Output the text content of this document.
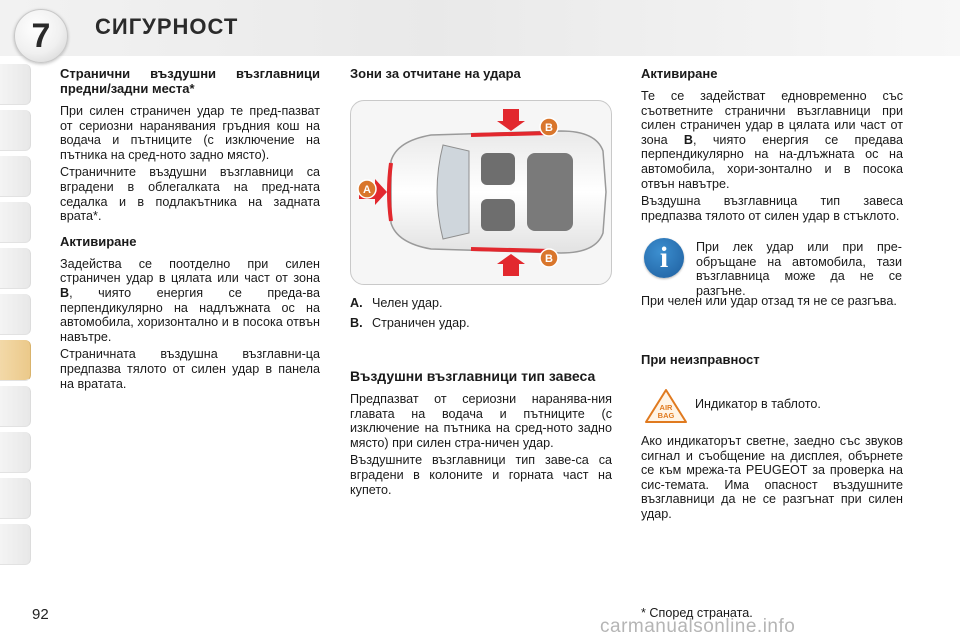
7	СИГУРНОСТ
Странични въздушни възглавници предни/задни места*

При силен страничен удар те пред-пазват от сериозни наранявания гръдния кош на водача и пътниците (с изключение на пътника на сред-ното задно място).

Страничните въздушни възглавници са вградени в облегалката на пред-ната седалка и в подлакътника на задната врата*.

Активиране

Задейства се поотделно при силен страничен удар в цялата или част от зона B, чиято енергия се преда-ва перпендикулярно на надлъжната ос на автомобила, хоризонтално и в посока отвън навътре.

Страничната въздушна възглавни-ца предпазва тялото от силен удар в панела на вратата.

Зони за отчитане на удара
A
B
B
A. Челен удар.
B. Страничен удар.
Въздушни възглавници тип завеса

Предпазват от сериозни наранява-ния главата на водача и пътниците (с изключение на пътника на сред-ното задно място) при силен стра-ничен удар.

Въздушните възглавници тип заве-са са вградени в колоните и горната част на купето.

Активиране

Те се задействат едновременно със съответните странични възглавници при силен страничен удар в цялата или част от зона B, чиято енергия се предава перпендикулярно на на-длъжната ос на автомобила, хори-зонтално и в посока отвън навътре.

Въздушна възглавница тип завеса предпазва тялото от силен удар в стъклото.

i	При лек удар или при пре-обръщане на автомобила, тази възглавница може да не се разгъне.
При челен или удар отзад тя не се разгъва.
При неизправност
AIR
BAG
Индикатор в таблото.
Ако индикаторът светне, заедно със звуков сигнал и съобщение на дисплея, обърнете се към мрежа-та PEUGEOT за проверка на сис-темата. Има опасност въздушните възглавници да не се разгънат при силен удар.
92	* Според страната.
carmanualsonline.info
